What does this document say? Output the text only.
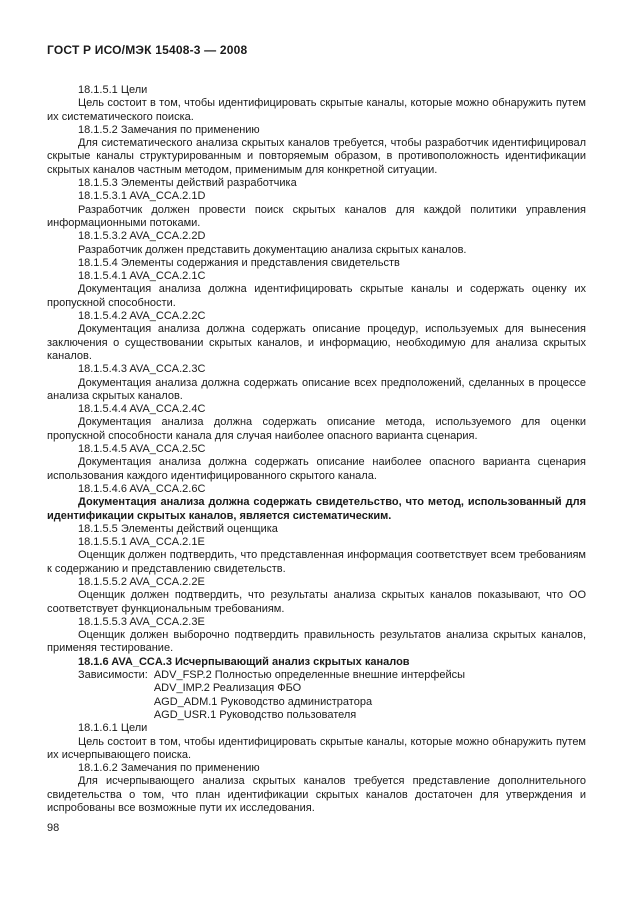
ГОСТ Р ИСО/МЭК 15408-3 — 2008

18.1.5.1 Цели

Цель состоит в том, чтобы идентифицировать скрытые каналы, которые можно обнаружить путем их систематического поиска.

18.1.5.2 Замечания по применению

Для систематического анализа скрытых каналов требуется, чтобы разработчик идентифицировал скрытые каналы структурированным и повторяемым образом, в противоположность идентификации скрытых каналов частным методом, применимым для конкретной ситуации.

18.1.5.3 Элементы действий разработчика

18.1.5.3.1 AVA_CCA.2.1D

Разработчик должен провести поиск скрытых каналов для каждой политики управления информационными потоками.

18.1.5.3.2 AVA_CCA.2.2D

Разработчик должен представить документацию анализа скрытых каналов.

18.1.5.4 Элементы содержания и представления свидетельств

18.1.5.4.1 AVA_CCA.2.1C

Документация анализа должна идентифицировать скрытые каналы и содержать оценку их пропускной способности.

18.1.5.4.2 AVA_CCA.2.2C

Документация анализа должна содержать описание процедур, используемых для вынесения заключения о существовании скрытых каналов, и информацию, необходимую для анализа скрытых каналов.

18.1.5.4.3 AVA_CCA.2.3C

Документация анализа должна содержать описание всех предположений, сделанных в процессе анализа скрытых каналов.

18.1.5.4.4 AVA_CCA.2.4C

Документация анализа должна содержать описание метода, используемого для оценки пропускной способности канала для случая наиболее опасного варианта сценария.

18.1.5.4.5 AVA_CCA.2.5C

Документация анализа должна содержать описание наиболее опасного варианта сценария использования каждого идентифицированного скрытого канала.

18.1.5.4.6 AVA_CCA.2.6C

Документация анализа должна содержать свидетельство, что метод, использованный для идентификации скрытых каналов, является систематическим.

18.1.5.5 Элементы действий оценщика

18.1.5.5.1 AVA_CCA.2.1E

Оценщик должен подтвердить, что представленная информация соответствует всем требованиям к содержанию и представлению свидетельств.

18.1.5.5.2 AVA_CCA.2.2E

Оценщик должен подтвердить, что результаты анализа скрытых каналов показывают, что ОО соответствует функциональным требованиям.

18.1.5.5.3 AVA_CCA.2.3E

Оценщик должен выборочно подтвердить правильность результатов анализа скрытых каналов, применяя тестирование.

18.1.6 AVA_CCA.3 Исчерпывающий анализ скрытых каналов

Зависимости: ADV_FSP.2 Полностью определенные внешние интерфейсы
ADV_IMP.2 Реализация ФБО
AGD_ADM.1 Руководство администратора
AGD_USR.1 Руководство пользователя

18.1.6.1 Цели

Цель состоит в том, чтобы идентифицировать скрытые каналы, которые можно обнаружить путем их исчерпывающего поиска.

18.1.6.2 Замечания по применению

Для исчерпывающего анализа скрытых каналов требуется представление дополнительного свидетельства о том, что план идентификации скрытых каналов достаточен для утверждения и испробованы все возможные пути их исследования.

98
